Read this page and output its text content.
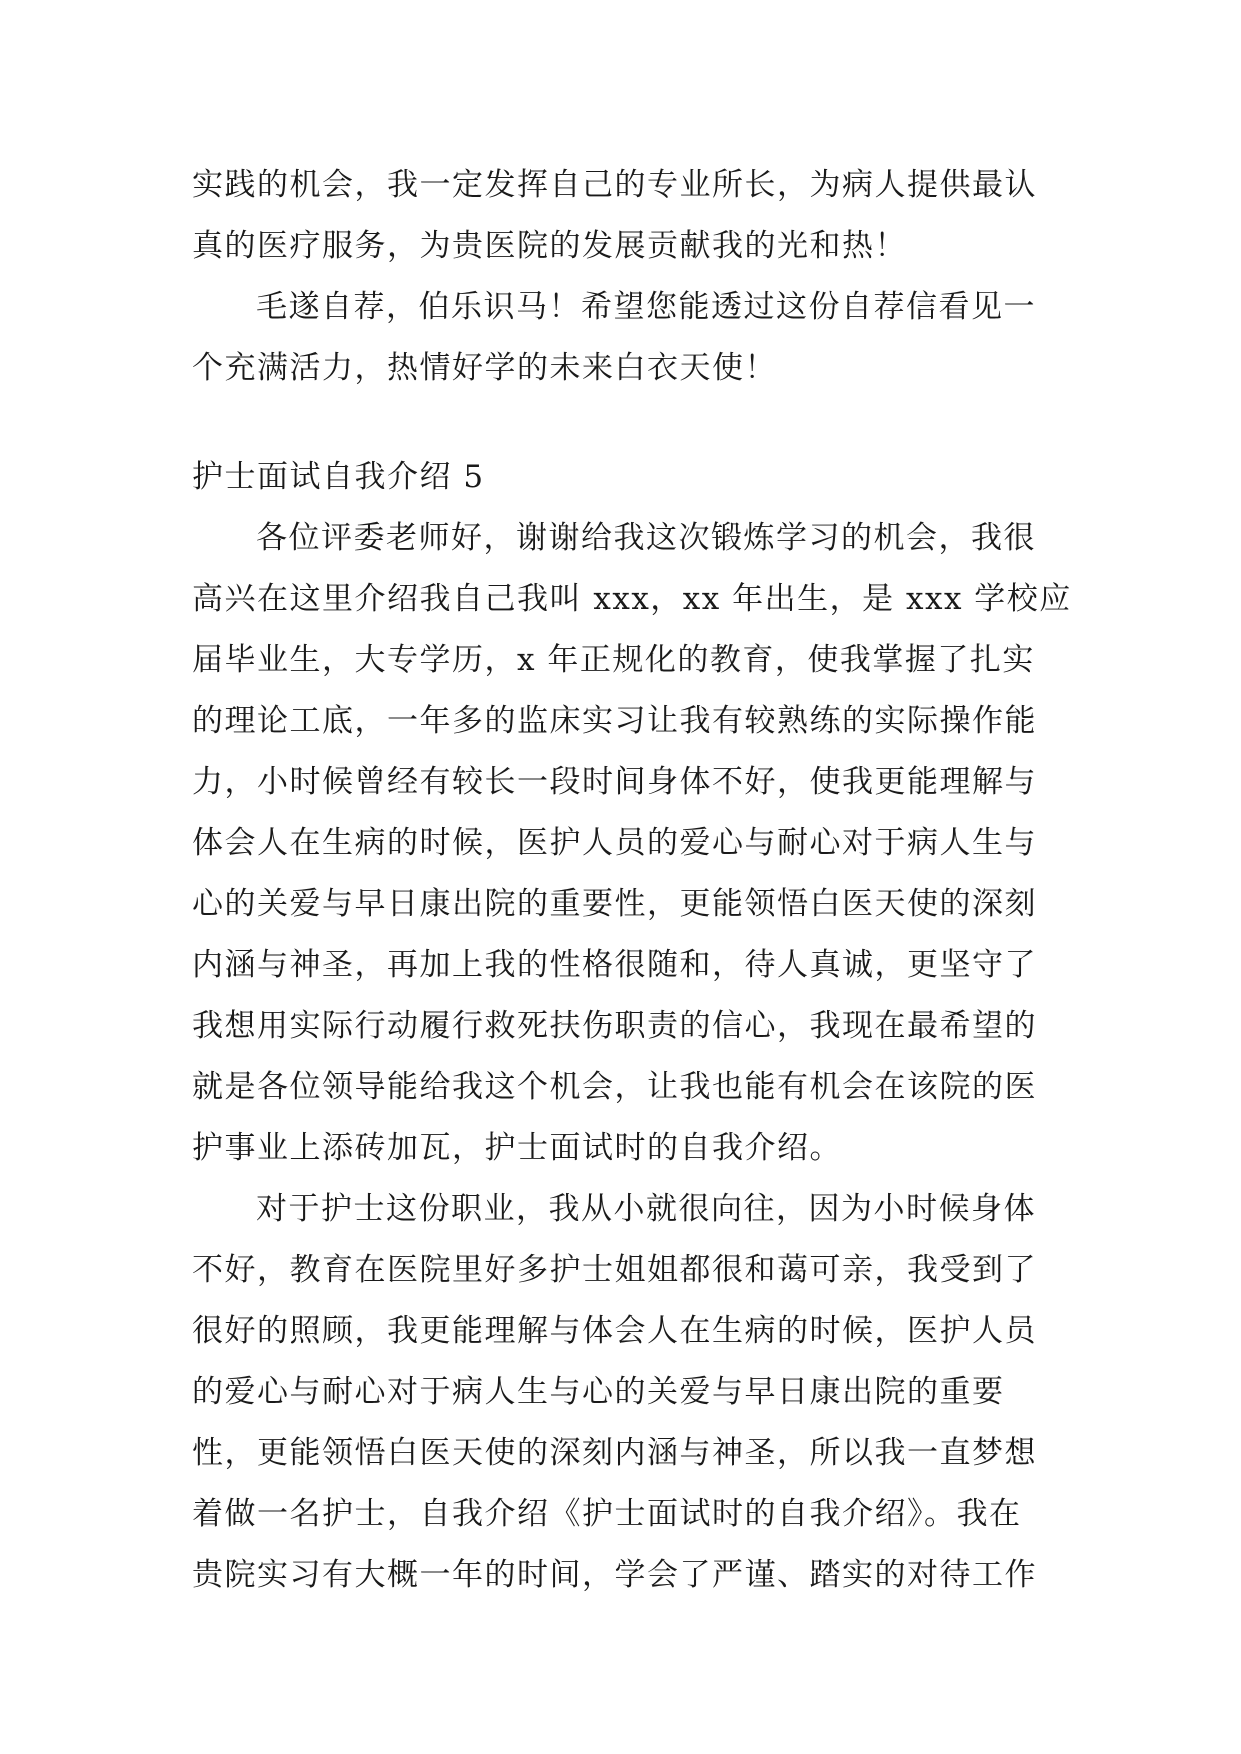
实践的机会，我一定发挥自己的专业所长，为病人提供最认
真的医疗服务，为贵医院的发展贡献我的光和热！

毛遂自荐，伯乐识马！希望您能透过这份自荐信看见一
个充满活力，热情好学的未来白衣天使！

护士面试自我介绍 5

各位评委老师好，谢谢给我这次锻炼学习的机会，我很
高兴在这里介绍我自己我叫 xxx，xx 年出生，是 xxx 学校应
届毕业生，大专学历，x 年正规化的教育，使我掌握了扎实
的理论工底，一年多的监床实习让我有较熟练的实际操作能
力，小时候曾经有较长一段时间身体不好，使我更能理解与
体会人在生病的时候，医护人员的爱心与耐心对于病人生与
心的关爱与早日康出院的重要性，更能领悟白医天使的深刻
内涵与神圣，再加上我的性格很随和，待人真诚，更坚守了
我想用实际行动履行救死扶伤职责的信心，我现在最希望的
就是各位领导能给我这个机会，让我也能有机会在该院的医
护事业上添砖加瓦，护士面试时的自我介绍。

对于护士这份职业，我从小就很向往，因为小时候身体
不好，教育在医院里好多护士姐姐都很和蔼可亲，我受到了
很好的照顾，我更能理解与体会人在生病的时候，医护人员
的爱心与耐心对于病人生与心的关爱与早日康出院的重要
性，更能领悟白医天使的深刻内涵与神圣，所以我一直梦想
着做一名护士，自我介绍《护士面试时的自我介绍》。我在
贵院实习有大概一年的时间，学会了严谨、踏实的对待工作
